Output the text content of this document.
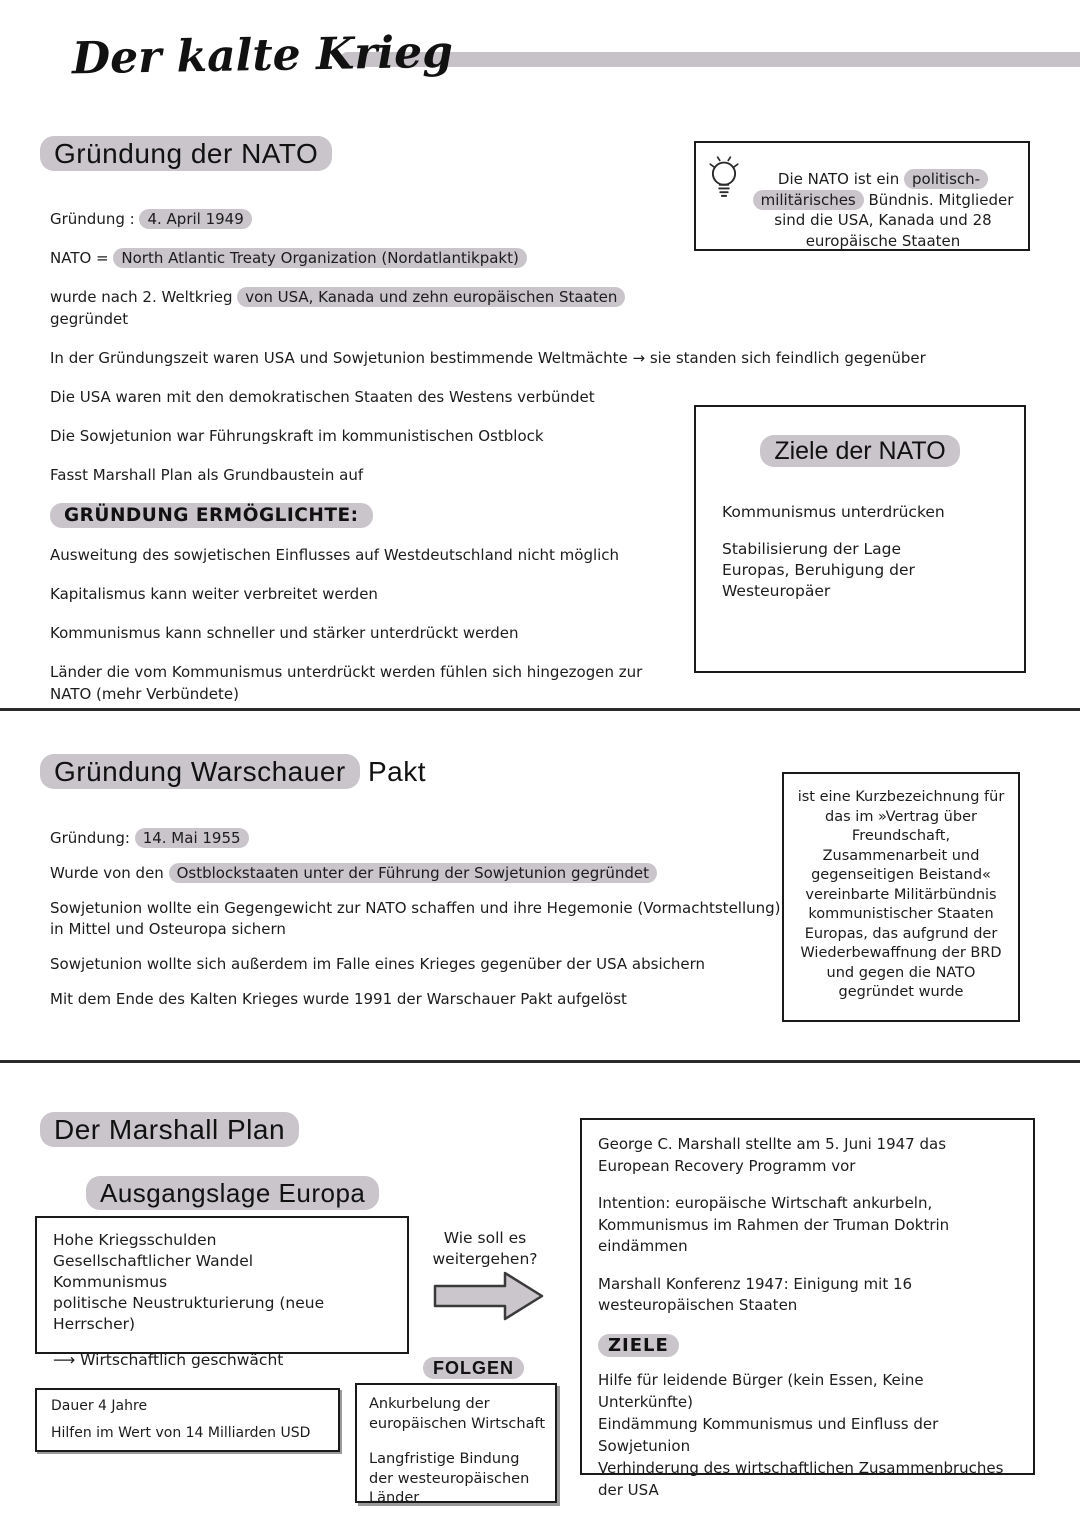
Der kalte Krieg
Gründung der NATO
Die NATO ist ein politisch-militärisches Bündnis. Mitglieder sind die USA, Kanada und 28 europäische Staaten
Gründung : 4. April 1949
NATO = North Atlantic Treaty Organization (Nordatlantikpakt)
wurde nach 2. Weltkrieg von USA, Kanada und zehn europäischen Staaten gegründet
In der Gründungszeit waren USA und Sowjetunion bestimmende Weltmächte → sie standen sich feindlich gegenüber
Die USA waren mit den demokratischen Staaten des Westens verbündet
Die Sowjetunion war Führungskraft im kommunistischen Ostblock
Fasst Marshall Plan als Grundbaustein auf
GRÜNDUNG ERMÖGLICHTE:
Ausweitung des sowjetischen Einflusses auf Westdeutschland nicht möglich
Kapitalismus kann weiter verbreitet werden
Kommunismus kann schneller und stärker unterdrückt werden
Länder die vom Kommunismus unterdrückt werden fühlen sich hingezogen zur NATO (mehr Verbündete)
Ziele der NATO
Kommunismus unterdrücken
Stabilisierung der Lage Europas, Beruhigung der Westeuropäer
Gründung Warschauer Pakt
Gründung: 14. Mai 1955
Wurde von den Ostblockstaaten unter der Führung der Sowjetunion gegründet
Sowjetunion wollte ein Gegengewicht zur NATO schaffen und ihre Hegemonie (Vormachtstellung) in Mittel und Osteuropa sichern
Sowjetunion wollte sich außerdem im Falle eines Krieges gegenüber der USA absichern
Mit dem Ende des Kalten Krieges wurde 1991 der Warschauer Pakt aufgelöst
ist eine Kurzbezeichnung für das im »Vertrag über Freundschaft, Zusammenarbeit und gegenseitigen Beistand« vereinbarte Militärbündnis kommunistischer Staaten Europas, das aufgrund der Wiederbewaffnung der BRD und gegen die NATO gegründet wurde
Der Marshall Plan
Ausgangslage Europa
Hohe Kriegsschulden
Gesellschaftlicher Wandel
Kommunismus
politische Neustrukturierung (neue Herrscher)
⟶ Wirtschaftlich geschwächt
Wie soll es weitergehen?
FOLGEN
Ankurbelung der europäischen Wirtschaft
Langfristige Bindung der westeuropäischen Länder
Dauer 4 Jahre
Hilfen im Wert von 14 Milliarden USD
George C. Marshall stellte am 5. Juni 1947 das European Recovery Programm vor
Intention: europäische Wirtschaft ankurbeln, Kommunismus im Rahmen der Truman Doktrin eindämmen
Marshall Konferenz 1947: Einigung mit 16 westeuropäischen Staaten
ZIELE
Hilfe für leidende Bürger (kein Essen, Keine Unterkünfte)
Eindämmung Kommunismus und Einfluss der Sowjetunion
Verhinderung des wirtschaftlichen Zusammenbruches der USA
